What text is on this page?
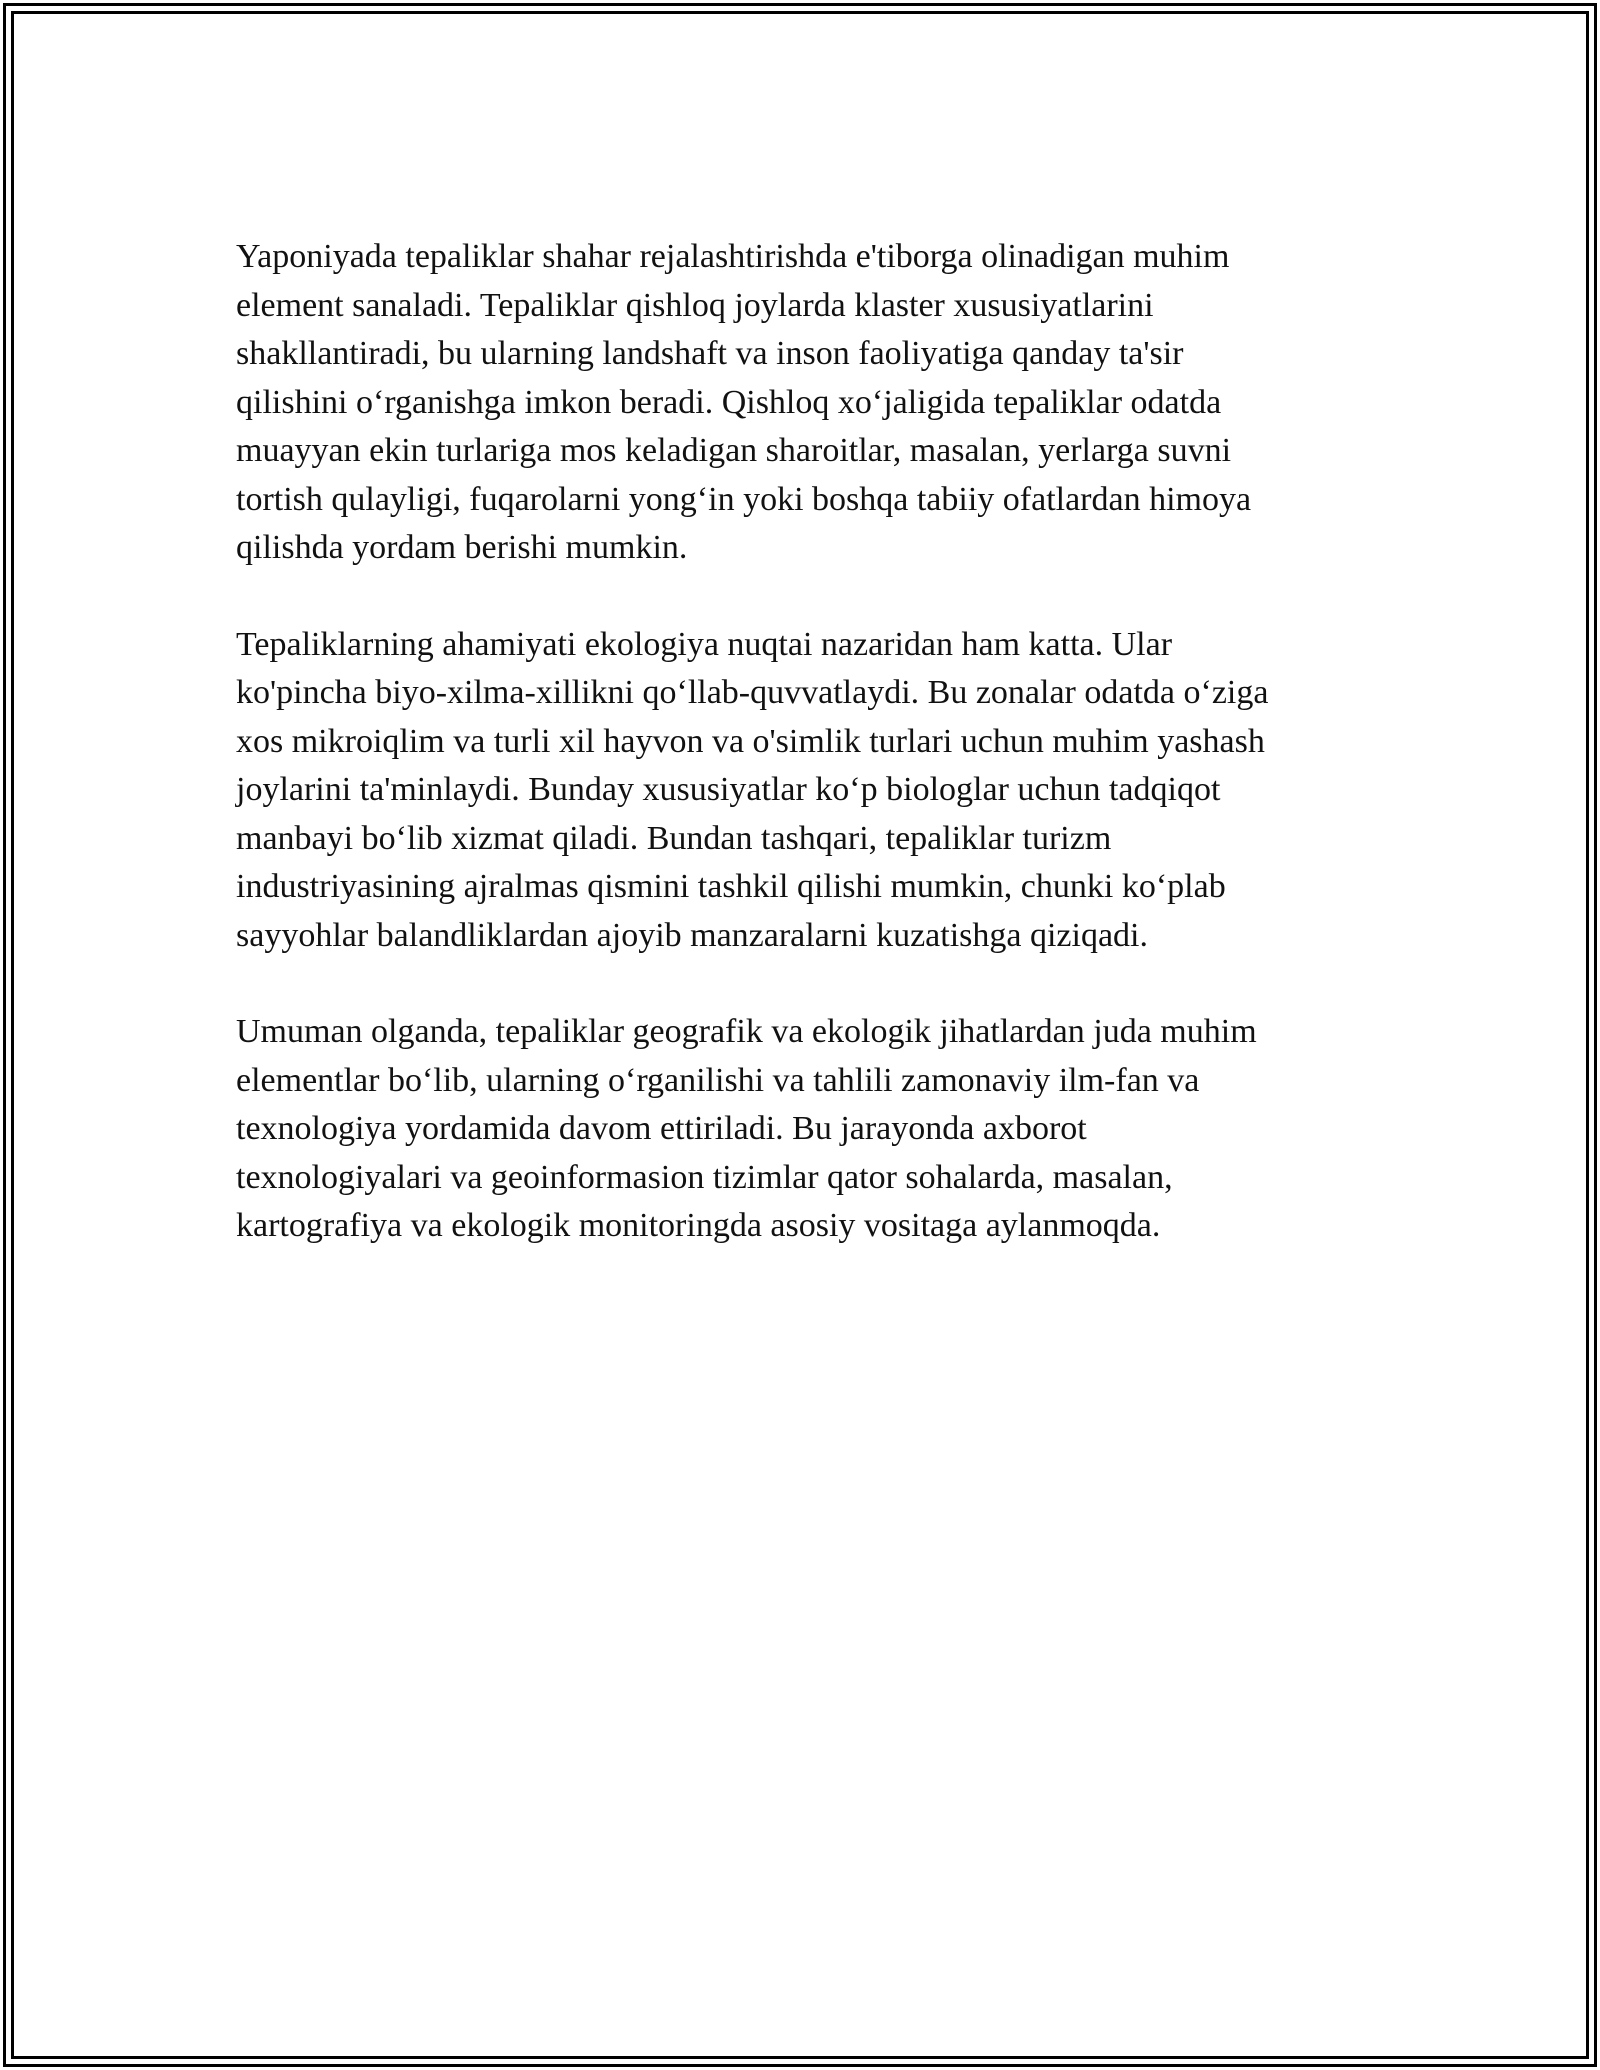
Yaponiyada tepaliklar shahar rejalashtirishda e'tiborga olinadigan muhim
element sanaladi. Tepaliklar qishloq joylarda klaster xususiyatlarini
shakllantiradi, bu ularning landshaft va inson faoliyatiga qanday ta'sir
qilishini o‘rganishga imkon beradi. Qishloq xo‘jaligida tepaliklar odatda
muayyan ekin turlariga mos keladigan sharoitlar, masalan, yerlarga suvni
tortish qulayligi, fuqarolarni yong‘in yoki boshqa tabiiy ofatlardan himoya
qilishda yordam berishi mumkin.

Tepaliklarning ahamiyati ekologiya nuqtai nazaridan ham katta. Ular
ko'pincha biyo-xilma-xillikni qo‘llab-quvvatlaydi. Bu zonalar odatda o‘ziga
xos mikroiqlim va turli xil hayvon va o'simlik turlari uchun muhim yashash
joylarini ta'minlaydi. Bunday xususiyatlar ko‘p biologlar uchun tadqiqot
manbayi bo‘lib xizmat qiladi. Bundan tashqari, tepaliklar turizm
industriyasining ajralmas qismini tashkil qilishi mumkin, chunki ko‘plab
sayyohlar balandliklardan ajoyib manzaralarni kuzatishga qiziqadi.

Umuman olganda, tepaliklar geografik va ekologik jihatlardan juda muhim
elementlar bo‘lib, ularning o‘rganilishi va tahlili zamonaviy ilm-fan va
texnologiya yordamida davom ettiriladi. Bu jarayonda axborot
texnologiyalari va geoinformasion tizimlar qator sohalarda, masalan,
kartografiya va ekologik monitoringda asosiy vositaga aylanmoqda.
